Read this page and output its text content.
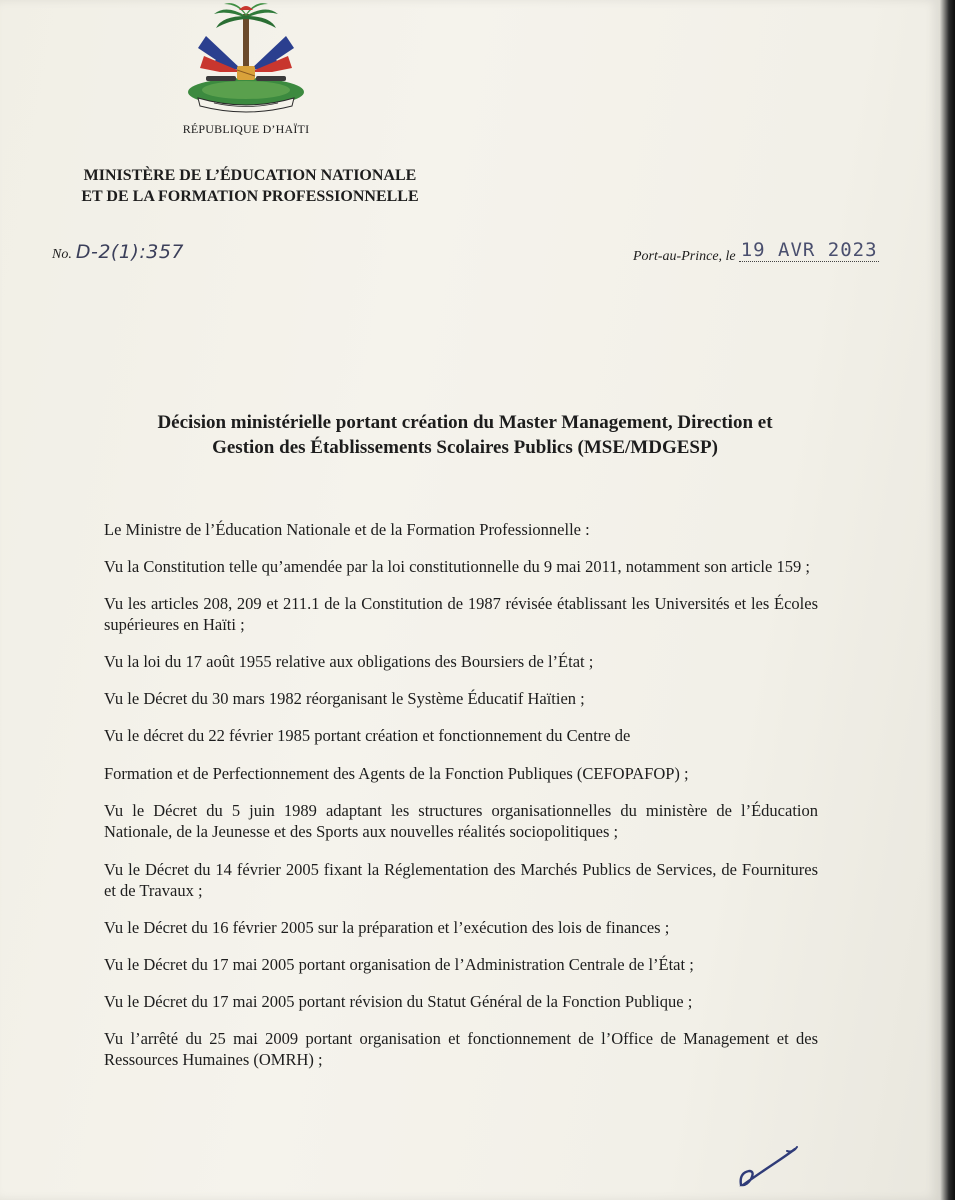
RÉPUBLIQUE D’HAÏTI
MINISTÈRE DE L’ÉDUCATION NATIONALE
ET DE LA FORMATION PROFESSIONNELLE
No. D-2(1):357	Port-au-Prince, le 19 AVR 2023
Décision ministérielle portant création du Master Management, Direction et
Gestion des Établissements Scolaires Publics (MSE/MDGESP)

Le Ministre de l’Éducation Nationale et de la Formation Professionnelle :

Vu la Constitution telle qu’amendée par la loi constitutionnelle du 9 mai 2011, notamment son article 159 ;

Vu les articles 208, 209 et 211.1 de la Constitution de 1987 révisée établissant les Universités et les Écoles supérieures en Haïti ;

Vu la loi du 17 août 1955 relative aux obligations des Boursiers de l’État ;

Vu le Décret du 30 mars 1982 réorganisant le Système Éducatif Haïtien ;

Vu le décret du 22 février 1985 portant création et fonctionnement du Centre de

Formation et de Perfectionnement des Agents de la Fonction Publiques (CEFOPAFOP) ;

Vu le Décret du 5 juin 1989 adaptant les structures organisationnelles du ministère de l’Éducation Nationale, de la Jeunesse et des Sports aux nouvelles réalités sociopolitiques ;

Vu le Décret du 14 février 2005 fixant la Réglementation des Marchés Publics de Services, de Fournitures et de Travaux ;

Vu le Décret du 16 février 2005 sur la préparation et l’exécution des lois de finances ;

Vu le Décret du 17 mai 2005 portant organisation de l’Administration Centrale de l’État ;

Vu le Décret du 17 mai 2005 portant révision du Statut Général de la Fonction Publique ;

Vu l’arrêté du 25 mai 2009 portant organisation et fonctionnement de l’Office de Management et des Ressources Humaines (OMRH) ;
